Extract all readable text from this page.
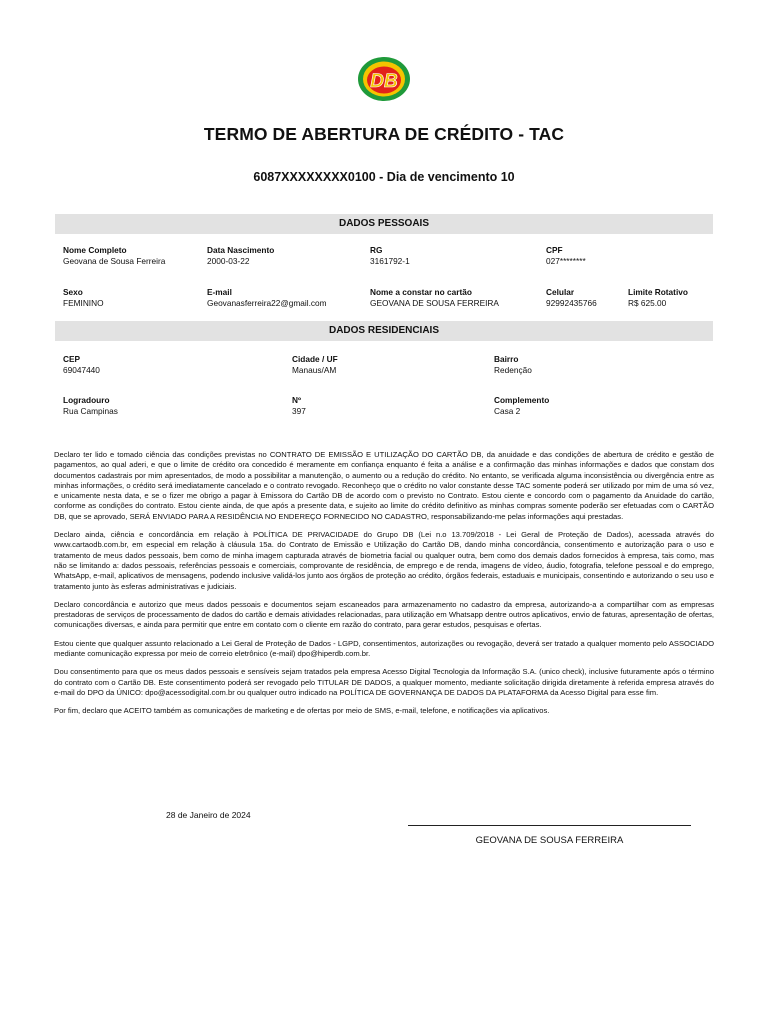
DB
TERMO DE ABERTURA DE CRÉDITO - TAC
6087XXXXXXXX0100 - Dia de vencimento 10
DADOS PESSOAIS
Nome Completo
Geovana de Sousa Ferreira
Data Nascimento
2000-03-22
RG
3161792-1
CPF
027********
Sexo
FEMININO
E-mail
Geovanasferreira22@gmail.com
Nome a constar no cartão
GEOVANA DE SOUSA FERREIRA
Celular
92992435766
Limite Rotativo
R$ 625.00
DADOS RESIDENCIAIS
CEP
69047440
Cidade / UF
Manaus/AM
Bairro
Redenção
Logradouro
Rua Campinas
Nº
397
Complemento
Casa 2

Declaro ter lido e tomado ciência das condições previstas no CONTRATO DE EMISSÃO E UTILIZAÇÃO DO CARTÃO DB, da anuidade e das condições de abertura de crédito e gestão de pagamentos, ao qual aderi, e que o limite de crédito ora concedido é meramente em confiança enquanto é feita a análise e a confirmação das minhas informações e dados que constam dos documentos cadastrais por mim apresentados, de modo a possibilitar a manutenção, o aumento ou a redução do crédito. No entanto, se verificada alguma inconsistência ou divergência entre as minhas informações, o crédito será imediatamente cancelado e o contrato revogado. Reconheço que o crédito no valor constante desse TAC somente poderá ser utilizado por mim de uma só vez, e unicamente nesta data, e se o fizer me obrigo a pagar à Emissora do Cartão DB de acordo com o previsto no Contrato. Estou ciente e concordo com o pagamento da Anuidade do cartão, conforme as condições do contrato. Estou ciente ainda, de que após a presente data, e sujeito ao limite do crédito definitivo as minhas compras somente poderão ser efetuadas com o CARTÃO DB, que se aprovado, SERÁ ENVIADO PARA A RESIDÊNCIA NO ENDEREÇO FORNECIDO NO CADASTRO, responsabilizando-me pelas informações aqui prestadas.

Declaro ainda, ciência e concordância em relação à POLÍTICA DE PRIVACIDADE do Grupo DB (Lei n.o 13.709/2018 - Lei Geral de Proteção de Dados), acessada através do www.cartaodb.com.br, em especial em relação à cláusula 15a. do Contrato de Emissão e Utilização do Cartão DB, dando minha concordância, consentimento e autorização para o uso e tratamento de meus dados pessoais, bem como de minha imagem capturada através de biometria facial ou qualquer outra, bem como dos demais dados fornecidos à empresa, tais como, mas não se limitando a: dados pessoais, referências pessoais e comerciais, comprovante de residência, de emprego e de renda, imagens de vídeo, áudio, fotografia, telefone pessoal e do emprego, WhatsApp, e-mail, aplicativos de mensagens, podendo inclusive validá-los junto aos órgãos de proteção ao crédito, órgãos federais, estaduais e municipais, consentindo e autorizando o seu uso e tratamento junto às esferas administrativas e judiciais.

Declaro concordância e autorizo que meus dados pessoais e documentos sejam escaneados para armazenamento no cadastro da empresa, autorizando-a a compartilhar com as empresas prestadoras de serviços de processamento de dados do cartão e demais atividades relacionadas, para utilização em Whatsapp dentre outros aplicativos, envio de faturas, apresentação de ofertas, comunicações diversas, e ainda para permitir que entre em contato com o cliente em razão do contrato, para gerar estudos, pesquisas e ofertas.

Estou ciente que qualquer assunto relacionado a Lei Geral de Proteção de Dados - LGPD, consentimentos, autorizações ou revogação, deverá ser tratado a qualquer momento pelo ASSOCIADO mediante comunicação expressa por meio de correio eletrônico (e-mail) dpo@hiperdb.com.br.

Dou consentimento para que os meus dados pessoais e sensíveis sejam tratados pela empresa Acesso Digital Tecnologia da Informação S.A. (unico check), inclusive futuramente após o término do contrato com o Cartão DB. Este consentimento poderá ser revogado pelo TITULAR DE DADOS, a qualquer momento, mediante solicitação dirigida diretamente à referida empresa através do e-mail do DPO da ÚNICO: dpo@acessodigital.com.br ou qualquer outro indicado na POLÍTICA DE GOVERNANÇA DE DADOS DA PLATAFORMA da Acesso Digital para esse fim.

Por fim, declaro que ACEITO também as comunicações de marketing e de ofertas por meio de SMS, e-mail, telefone, e notificações via aplicativos.

28 de Janeiro de 2024
GEOVANA DE SOUSA FERREIRA
